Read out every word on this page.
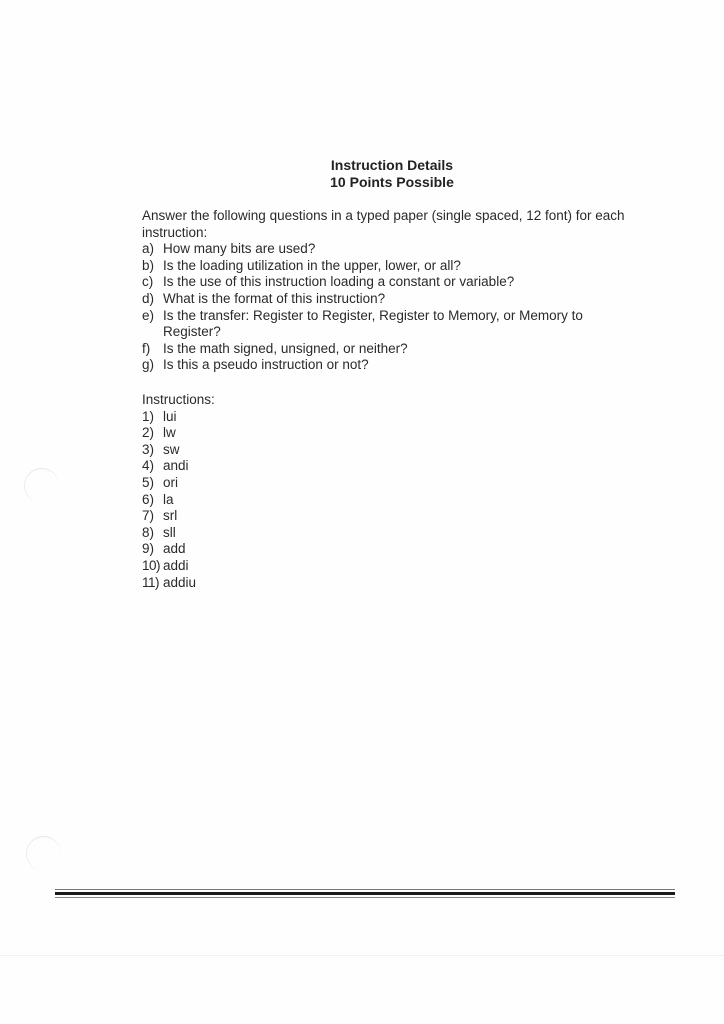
Instruction Details
10 Points Possible
Answer the following questions in a typed paper (single spaced, 12 font) for each instruction:
a) How many bits are used?
b) Is the loading utilization in the upper, lower, or all?
c) Is the use of this instruction loading a constant or variable?
d) What is the format of this instruction?
e) Is the transfer: Register to Register, Register to Memory, or Memory to Register?
f) Is the math signed, unsigned, or neither?
g) Is this a pseudo instruction or not?
Instructions:
1) lui
2) lw
3) sw
4) andi
5) ori
6) la
7) srl
8) sll
9) add
10) addi
11) addiu
